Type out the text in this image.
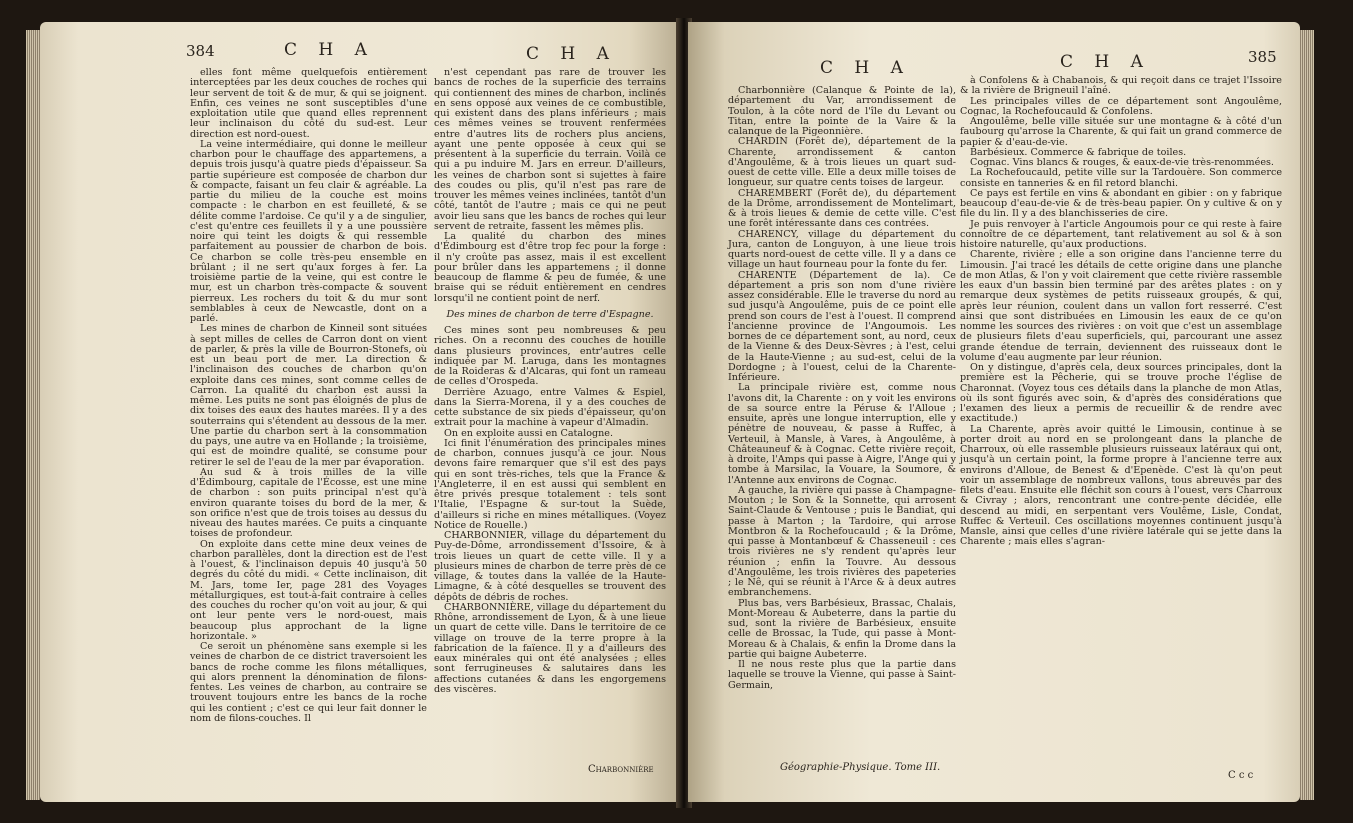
384	C H A	C H A

elles font même quelquefois entièrement interceptées par les deux couches de roches qui leur servent de toit & de mur, & qui se joignent. Enfin, ces veines ne sont susceptibles d'une exploitation utile que quand elles reprennent leur inclinaison du côté du sud-est. Leur direction est nord-ouest.

La veine intermédiaire, qui donne le meilleur charbon pour le chauffage des appartemens, a depuis trois jusqu'à quatre pieds d'épaisseur. Sa partie supérieure est composée de charbon dur & compacte, faisant un feu clair & agréable. La partie du milieu de la couche est moins compacte : le charbon en est feuilleté, & se délite comme l'ardoise. Ce qu'il y a de singulier, c'est qu'entre ces feuillets il y a une poussière noire qui teint les doigts & qui ressemble parfaitement au poussier de charbon de bois. Ce charbon se colle très-peu ensemble en brûlant ; il ne sert qu'aux forges à fer. La troisième partie de la veine, qui est contre le mur, est un charbon très-compacte & souvent pierreux. Les rochers du toit & du mur sont semblables à ceux de Newcastle, dont on a parlé.

Les mines de charbon de Kinneil sont situées à sept milles de celles de Carron dont on vient de parler, & près la ville de Bourron-Stonefs, où est un beau port de mer. La direction & l'inclinaison des couches de charbon qu'on exploite dans ces mines, sont comme celles de Carron. La qualité du charbon est aussi la même. Les puits ne sont pas éloignés de plus de dix toises des eaux des hautes marées. Il y a des souterrains qui s'étendent au dessous de la mer. Une partie du charbon sert à la consommation du pays, une autre va en Hollande ; la troisième, qui est de moindre qualité, se consume pour retirer le sel de l'eau de la mer par évaporation.

Au sud & à trois milles de la ville d'Édimbourg, capitale de l'Écosse, est une mine de charbon : son puits principal n'est qu'à environ quarante toises du bord de la mer, & son orifice n'est que de trois toises au dessus du niveau des hautes marées. Ce puits a cinquante toises de profondeur.

On exploite dans cette mine deux veines de charbon parallèles, dont la direction est de l'est à l'ouest, & l'inclinaison depuis 40 jusqu'à 50 degrés du côté du midi. « Cette inclinaison, dit M. Jars, tome Ier, page 281 des Voyages métallurgiques, est tout-à-fait contraire à celles des couches du rocher qu'on voit au jour, & qui ont leur pente vers le nord-ouest, mais beaucoup plus approchant de la ligne horizontale. »

Ce seroit un phénomène sans exemple si les veines de charbon de ce district traversoient les bancs de roche comme les filons métalliques, qui alors prennent la dénomination de filons-fentes. Les veines de charbon, au contraire se trouvent toujours entre les bancs de la roche qui les contient ; c'est ce qui leur fait donner le nom de filons-couches. Il

n'est cependant pas rare de trouver les bancs de roches de la superficie des terrains qui contiennent des mines de charbon, inclinés en sens opposé aux veines de ce combustible, qui existent dans des plans inférieurs ; mais ces mêmes veines se trouvent renfermées entre d'autres lits de rochers plus anciens, ayant une pente opposée à ceux qui se présentent à la superficie du terrain. Voilà ce qui a pu induire M. Jars en erreur. D'ailleurs, les veines de charbon sont si sujettes à faire des coudes ou plis, qu'il n'est pas rare de trouver les mêmes veines inclinées, tantôt d'un côté, tantôt de l'autre ; mais ce qui ne peut avoir lieu sans que les bancs de roches qui leur servent de retraite, fassent les mêmes plis.

La qualité du charbon des mines d'Édimbourg est d'être trop fec pour la forge : il n'y croûte pas assez, mais il est excellent pour brûler dans les appartemens ; il donne beaucoup de flamme & peu de fumée, & une braise qui se réduit entièrement en cendres lorsqu'il ne contient point de nerf.

Des mines de charbon de terre d'Espagne.

Ces mines sont peu nombreuses & peu riches. On a reconnu des couches de houille dans plusieurs provinces, entr'autres celle indiquée par M. Laruga, dans les montagnes de la Roideras & d'Alcaras, qui font un rameau de celles d'Orospeda.

Derrière Azuago, entre Valmes & Espiel, dans la Sierra-Morena, il y a des couches de cette substance de six pieds d'épaisseur, qu'on extrait pour la machine à vapeur d'Almadin.

On en exploite aussi en Catalogne.

Ici finit l'énumération des principales mines de charbon, connues jusqu'à ce jour. Nous devons faire remarquer que s'il est des pays qui en sont très-riches, tels que la France & l'Angleterre, il en est aussi qui semblent en être privés presque totalement : tels sont l'Italie, l'Espagne & sur-tout la Suède, d'ailleurs si riche en mines métalliques. (Voyez Notice de Rouelle.)

CHARBONNIER, village du département du Puy-de-Dôme, arrondissement d'Issoire, & à trois lieues un quart de cette ville. Il y a plusieurs mines de charbon de terre près de ce village, & toutes dans la vallée de la Haute-Limagne, & à côté desquelles se trouvent des dépôts de débris de roches.

CHARBONNIÈRE, village du département du Rhône, arrondissement de Lyon, & à une lieue un quart de cette ville. Dans le territoire de ce village on trouve de la terre propre à la fabrication de la faïence. Il y a d'ailleurs des eaux minérales qui ont été analysées ; elles sont ferrugineuses & salutaires dans les affections cutanées & dans les engorgemens des viscères.

Charbonnière
C H A	C H A	385

Charbonnière (Calanque & Pointe de la), département du Var, arrondissement de Toulon, à la côte nord de l'île du Levant ou Titan, entre la pointe de la Vaire & la calanque de la Pigeonnière.

CHARDIN (Forêt de), département de la Charente, arrondissement & canton d'Angoulême, & à trois lieues un quart sud-ouest de cette ville. Elle a deux mille toises de longueur, sur quatre cents toises de largeur.

CHAREMBERT (Forêt de), du département de la Drôme, arrondissement de Montelimart, & à trois lieues & demie de cette ville. C'est une forêt intéressante dans ces contrées.

CHARENCY, village du département du Jura, canton de Longuyon, à une lieue trois quarts nord-ouest de cette ville. Il y a dans ce village un haut fourneau pour la fonte du fer.

CHARENTE (Département de la). Ce département a pris son nom d'une rivière assez considérable. Elle le traverse du nord au sud jusqu'à Angoulême, puis de ce point elle prend son cours de l'est à l'ouest. Il comprend l'ancienne province de l'Angoumois. Les bornes de ce département sont, au nord, ceux de la Vienne & des Deux-Sèvres ; à l'est, celui de la Haute-Vienne ; au sud-est, celui de la Dordogne ; à l'ouest, celui de la Charente-Inférieure.

La principale rivière est, comme nous l'avons dit, la Charente : on y voit les environs de sa source entre la Péruse & l'Alloue ; ensuite, après une longue interruption, elle y pénètre de nouveau, & passe à Ruffec, à Verteuil, à Mansle, à Vares, à Angoulême, à Châteauneuf & à Cognac. Cette rivière reçoit, à droite, l'Amps qui passe à Aigre, l'Ange qui y tombe à Marsilac, la Vouare, la Soumore, & l'Antenne aux environs de Cognac.

A gauche, la rivière qui passe à Champagne-Mouton ; le Son & la Sonnette, qui arrosent Saint-Claude & Ventouse ; puis le Bandiat, qui passe à Marton ; la Tardoire, qui arrose Montbron & la Rochefoucauld ; & la Drôme, qui passe à Montanbœuf & Chasseneuil : ces trois rivières ne s'y rendent qu'après leur réunion ; enfin la Touvre. Au dessous d'Angoulême, les trois rivières des papeteries ; le Nê, qui se réunit à l'Arce & à deux autres embranchemens.

Plus bas, vers Barbésieux, Brassac, Chalais, Mont-Moreau & Aubeterre, dans la partie du sud, sont la rivière de Barbésieux, ensuite celle de Brossac, la Tude, qui passe à Mont-Moreau & à Chalais, & enfin la Drome dans la partie qui baigne Aubeterre.

Il ne nous reste plus que la partie dans laquelle se trouve la Vienne, qui passe à Saint-Germain,

Géographie-Physique. Tome III.

à Confolens & à Chabanois, & qui reçoit dans ce trajet l'Issoire & la rivière de Brigneuil l'aîné.

Les principales villes de ce département sont Angoulême, Cognac, la Rochefoucauld & Confolens.

Angoulême, belle ville située sur une montagne & à côté d'un faubourg qu'arrose la Charente, & qui fait un grand commerce de papier & d'eau-de-vie.

Barbésieux. Commerce & fabrique de toiles.

Cognac. Vins blancs & rouges, & eaux-de-vie très-renommées.

La Rochefoucauld, petite ville sur la Tardouère. Son commerce consiste en tanneries & en fil retord blanchi.

Ce pays est fertile en vins & abondant en gibier : on y fabrique beaucoup d'eau-de-vie & de très-beau papier. On y cultive & on y file du lin. Il y a des blanchisseries de cire.

Je puis renvoyer à l'article Angoumois pour ce qui reste à faire connoître de ce département, tant relativement au sol & à son histoire naturelle, qu'aux productions.

Charente, rivière ; elle a son origine dans l'ancienne terre du Limousin. J'ai tracé les détails de cette origine dans une planche de mon Atlas, & l'on y voit clairement que cette rivière rassemble les eaux d'un bassin bien terminé par des arêtes plates : on y remarque deux systèmes de petits ruisseaux groupés, & qui, après leur réunion, coulent dans un vallon fort resserré. C'est ainsi que sont distribuées en Limousin les eaux de ce qu'on nomme les sources des rivières : on voit que c'est un assemblage de plusieurs filets d'eau superficiels, qui, parcourant une assez grande étendue de terrain, deviennent des ruisseaux dont le volume d'eau augmente par leur réunion.

On y distingue, d'après cela, deux sources principales, dont la première est la Pêcherie, qui se trouve proche l'église de Charonnat. (Voyez tous ces détails dans la planche de mon Atlas, où ils sont figurés avec soin, & d'après des considérations que l'examen des lieux a permis de recueillir & de rendre avec exactitude.)

La Charente, après avoir quitté le Limousin, continue à se porter droit au nord en se prolongeant dans la planche de Charroux, où elle rassemble plusieurs ruisseaux latéraux qui ont, jusqu'à un certain point, la forme propre à l'ancienne terre aux environs d'Alloue, de Benest & d'Epenède. C'est là qu'on peut voir un assemblage de nombreux vallons, tous abreuvés par des filets d'eau. Ensuite elle fléchit son cours à l'ouest, vers Charroux & Civray ; alors, rencontrant une contre-pente décidée, elle descend au midi, en serpentant vers Voulême, Lisle, Condat, Ruffec & Verteuil. Ces oscillations moyennes continuent jusqu'à Mansle, ainsi que celles d'une rivière latérale qui se jette dans la Charente ; mais elles s'agran-

C c c
